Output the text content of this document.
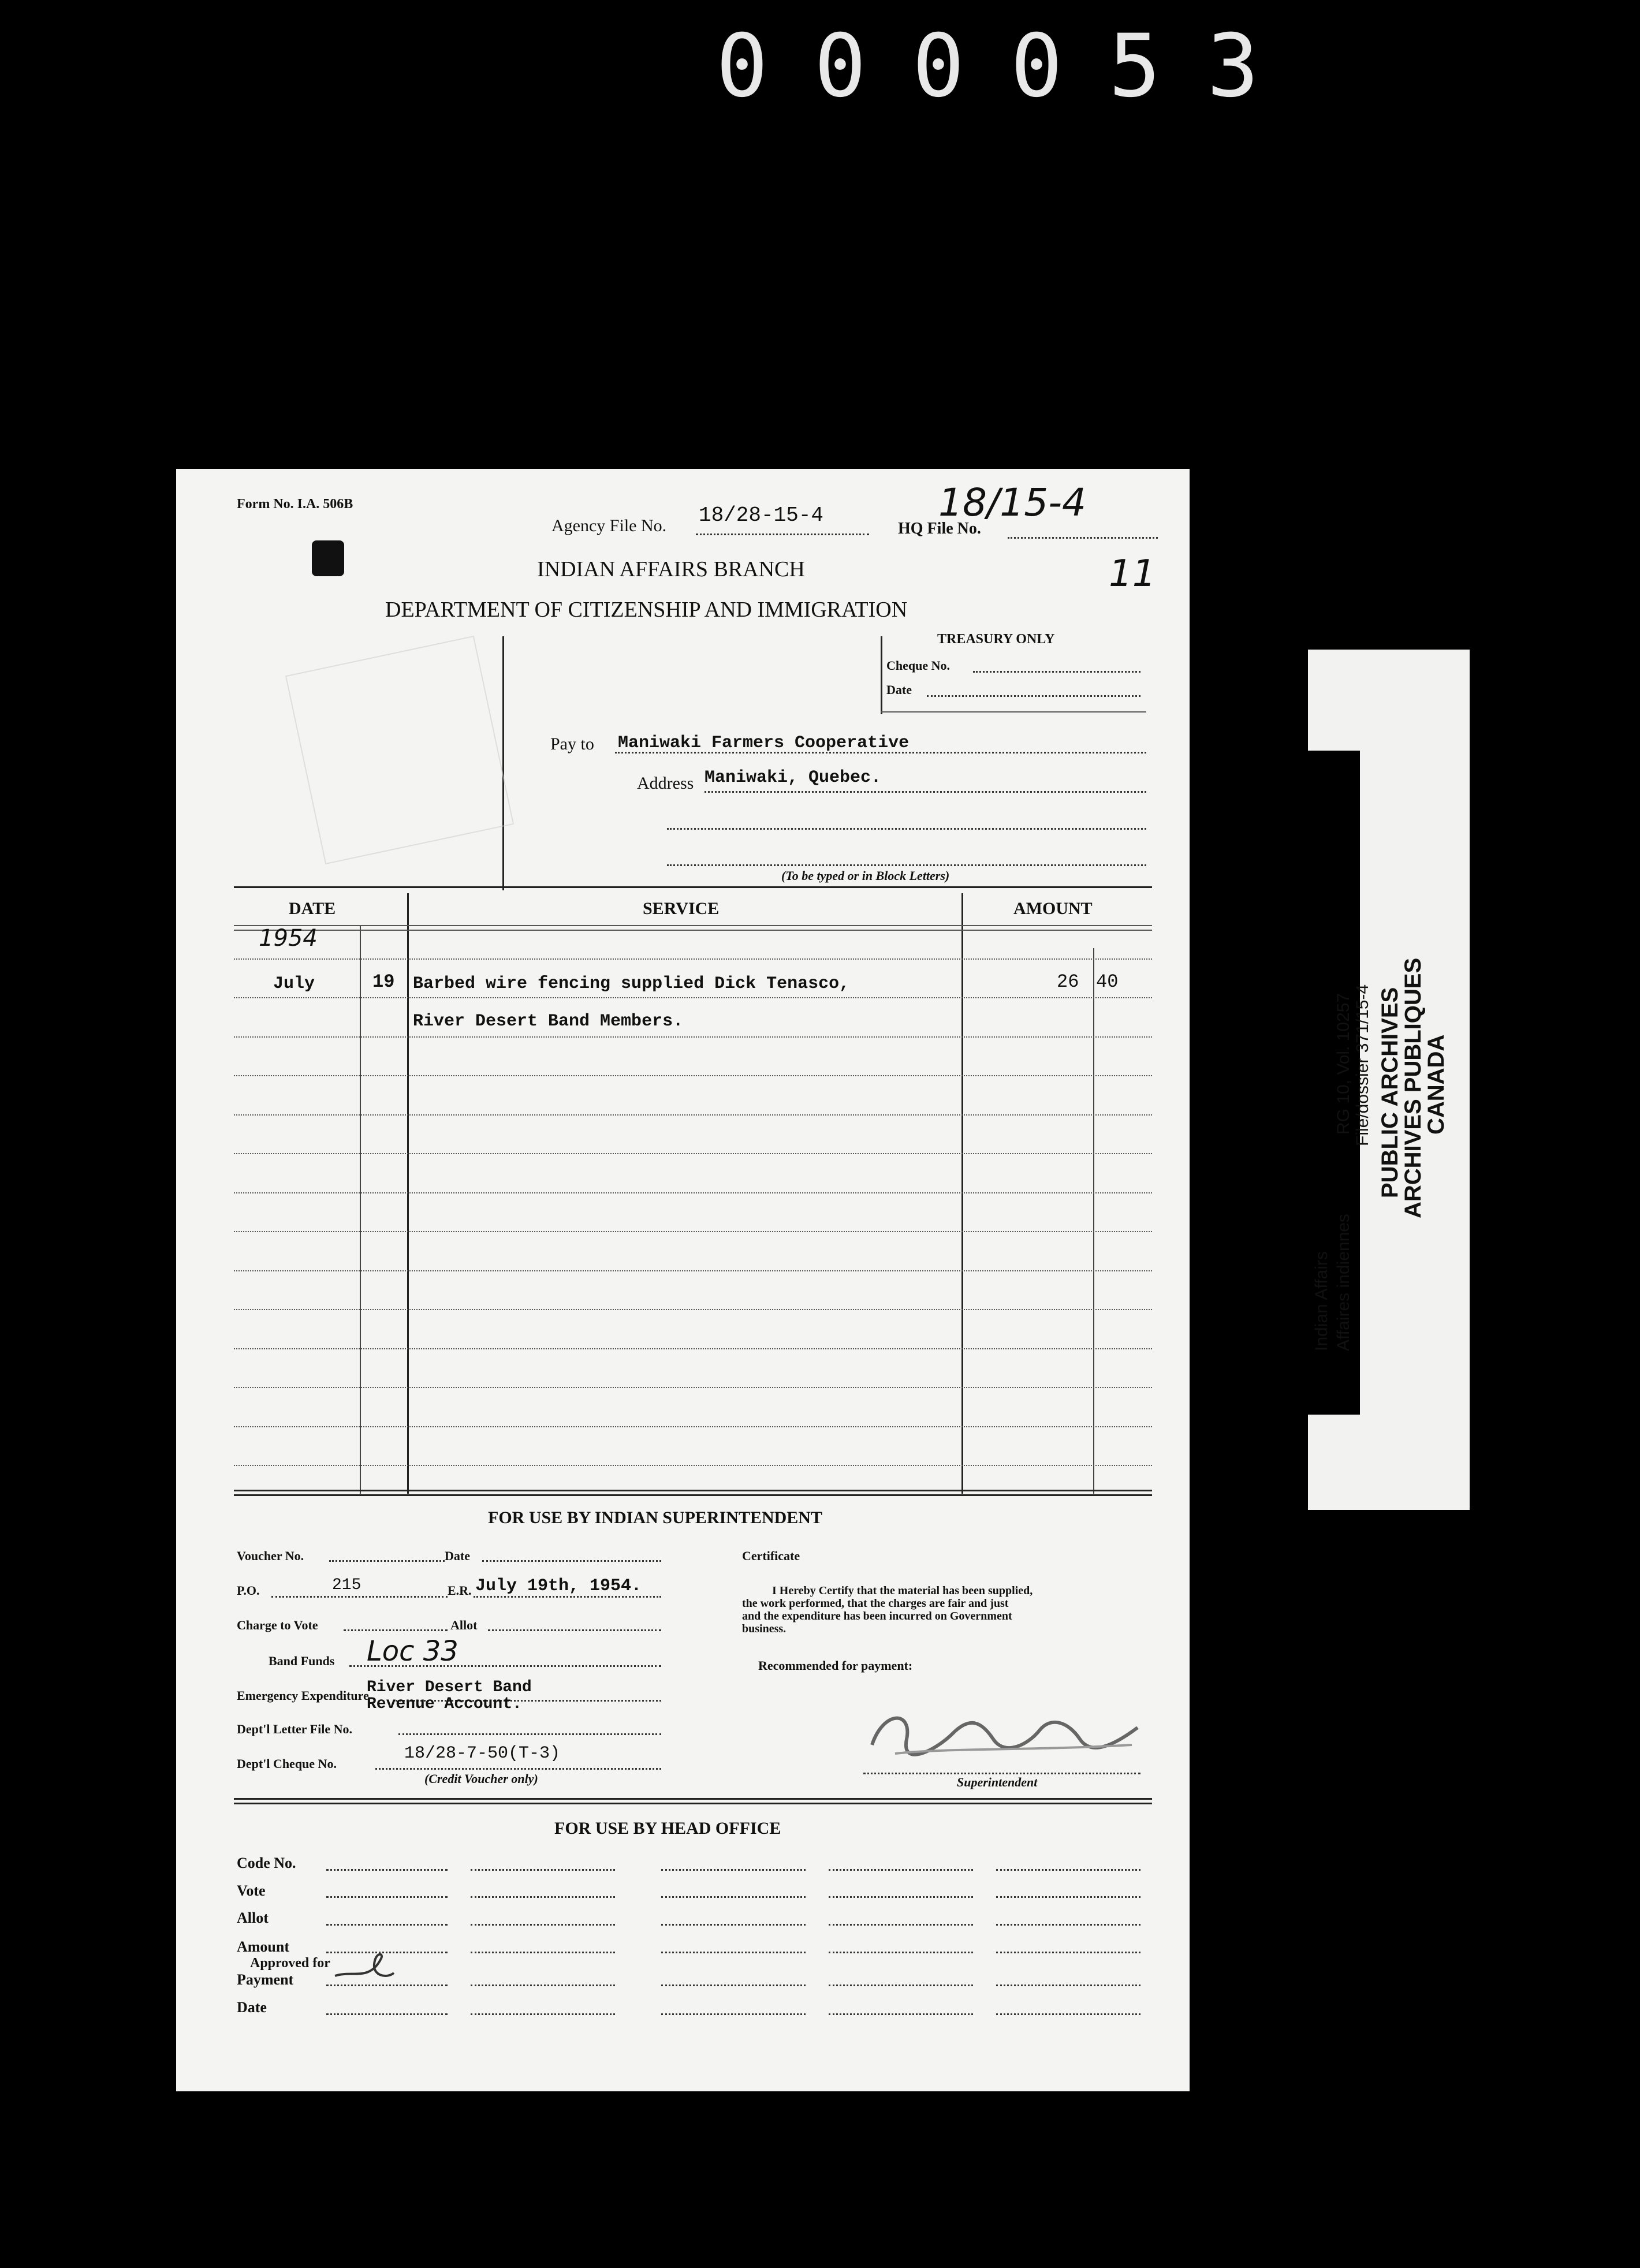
0 0 0 0 5 3
Form No. I.A. 506B
Agency File No. 18/28-15-4
HQ File No.
18/15-4
11
INDIAN AFFAIRS BRANCH
DEPARTMENT OF CITIZENSHIP AND IMMIGRATION
TREASURY ONLY
Cheque No.
Date
Pay to Maniwaki Farmers Cooperative
Address Maniwaki, Quebec.
(To be typed or in Block Letters)
DATE	SERVICE	AMOUNT
1954
July	19 Barbed wire fencing supplied Dick Tenasco,	26 40
River Desert Band Members.
FOR USE BY INDIAN SUPERINTENDENT
Voucher No.	Date
P.O.	215	E.R. July 19th, 1954.
Charge to Vote	Allot
Band Funds Loc 33
Emergency Expenditure
River Desert Band
Revenue Account.
Dept'l Letter File No.
Dept'l Cheque No.
18/28-7-50(T-3)
(Credit Voucher only)
Certificate
I Hereby Certify that the material has been supplied,
the work performed, that the charges are fair and just
and the expenditure has been incurred on Government
business.
Recommended for payment:
Superintendent
FOR USE BY HEAD OFFICE
Code No.
Vote
Allot
Amount
Approved for
Payment
Date
PUBLIC ARCHIVES
ARCHIVES PUBLIQUES
CANADA
RG 10, Vol. 10257 File/dossier 371/15-4
Indian Affairs Affaires indiennes
